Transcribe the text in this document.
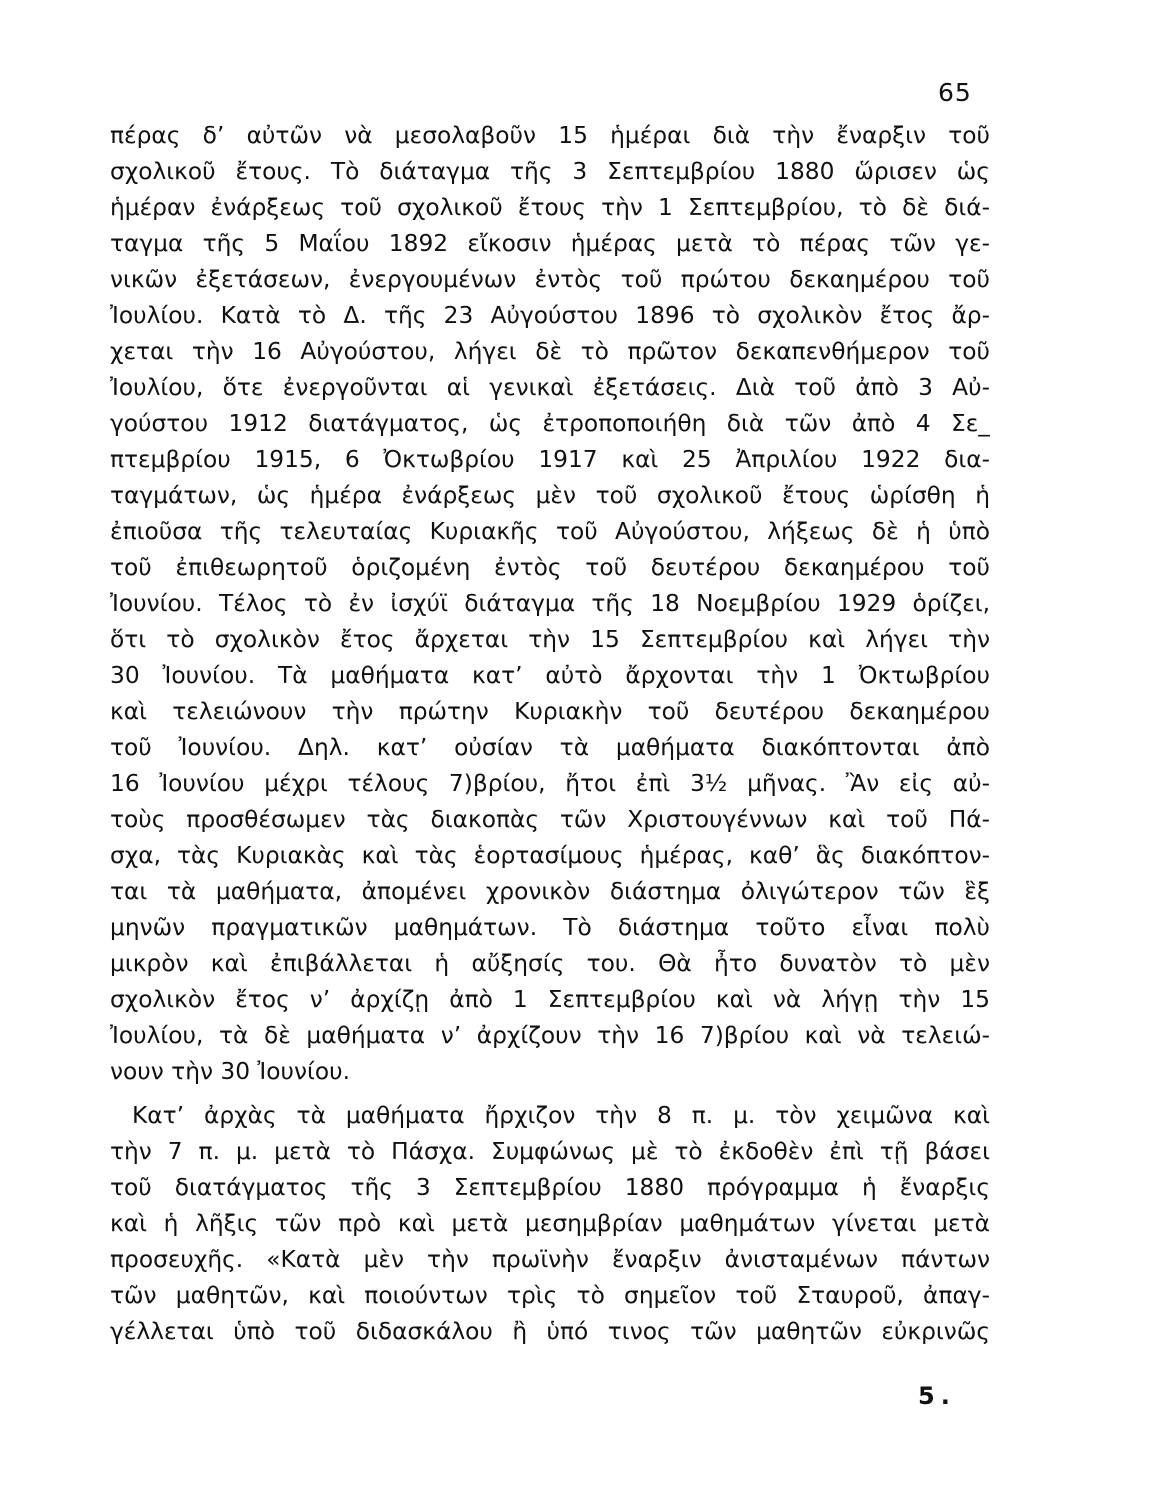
65
πέρας δ’ αὐτῶν νὰ μεσολαβοῦν 15 ἡμέραι διὰ τὴν ἔναρξιν τοῦ
σχολικοῦ ἔτους. Τὸ διάταγμα τῆς 3 Σεπτεμβρίου 1880 ὥρισεν ὡς
ἡμέραν ἐνάρξεως τοῦ σχολικοῦ ἔτους τὴν 1 Σεπτεμβρίου, τὸ δὲ διά-
ταγμα τῆς 5 Μαΐου 1892 εἴκοσιν ἡμέρας μετὰ τὸ πέρας τῶν γε-
νικῶν ἐξετάσεων, ἐνεργουμένων ἐντὸς τοῦ πρώτου δεκαημέρου τοῦ
Ἰουλίου. Κατὰ τὸ Δ. τῆς 23 Αὐγούστου 1896 τὸ σχολικὸν ἔτος ἄρ-
χεται τὴν 16 Αὐγούστου, λήγει δὲ τὸ πρῶτον δεκαπενθήμερον τοῦ
Ἰουλίου, ὅτε ἐνεργοῦνται αἱ γενικαὶ ἐξετάσεις. Διὰ τοῦ ἀπὸ 3 Αὐ-
γούστου 1912 διατάγματος, ὡς ἐτροποποιήθη διὰ τῶν ἀπὸ 4 Σε_
πτεμβρίου 1915, 6 Ὀκτωβρίου 1917 καὶ 25 Ἀπριλίου 1922 δια-
ταγμάτων, ὡς ἡμέρα ἐνάρξεως μὲν τοῦ σχολικοῦ ἔτους ὡρίσθη ἡ
ἐπιοῦσα τῆς τελευταίας Κυριακῆς τοῦ Αὐγούστου, λήξεως δὲ ἡ ὑπὸ
τοῦ ἐπιθεωρητοῦ ὁριζομένη ἐντὸς τοῦ δευτέρου δεκαημέρου τοῦ
Ἰουνίου. Τέλος τὸ ἐν ἰσχύϊ διάταγμα τῆς 18 Νοεμβρίου 1929 ὁρίζει,
ὅτι τὸ σχολικὸν ἔτος ἄρχεται τὴν 15 Σεπτεμβρίου καὶ λήγει τὴν
30 Ἰουνίου. Τὰ μαθήματα κατ’ αὐτὸ ἄρχονται τὴν 1 Ὀκτωβρίου
καὶ τελειώνουν τὴν πρώτην Κυριακὴν τοῦ δευτέρου δεκαημέρου
τοῦ Ἰουνίου. Δηλ. κατ’ οὐσίαν τὰ μαθήματα διακόπτονται ἀπὸ
16 Ἰουνίου μέχρι τέλους 7)βρίου, ἤτοι ἐπὶ 3½ μῆνας. Ἂν εἰς αὐ-
τοὺς προσθέσωμεν τὰς διακοπὰς τῶν Χριστουγέννων καὶ τοῦ Πά-
σχα, τὰς Κυριακὰς καὶ τὰς ἑορτασίμους ἡμέρας, καθ’ ἃς διακόπτον-
ται τὰ μαθήματα, ἀπομένει χρονικὸν διάστημα ὀλιγώτερον τῶν ἓξ
μηνῶν πραγματικῶν μαθημάτων. Τὸ διάστημα τοῦτο εἶναι πολὺ
μικρὸν καὶ ἐπιβάλλεται ἡ αὔξησίς του. Θὰ ἦτο δυνατὸν τὸ μὲν
σχολικὸν ἔτος ν’ ἀρχίζῃ ἀπὸ 1 Σεπτεμβρίου καὶ νὰ λήγῃ τὴν 15
Ἰουλίου, τὰ δὲ μαθήματα ν’ ἀρχίζουν τὴν 16 7)βρίου καὶ νὰ τελειώ-
νουν τὴν 30 Ἰουνίου.
Κατ’ ἀρχὰς τὰ μαθήματα ἤρχιζον τὴν 8 π. μ. τὸν χειμῶνα καὶ
τὴν 7 π. μ. μετὰ τὸ Πάσχα. Συμφώνως μὲ τὸ ἐκδοθὲν ἐπὶ τῇ βάσει
τοῦ διατάγματος τῆς 3 Σεπτεμβρίου 1880 πρόγραμμα ἡ ἔναρξις
καὶ ἡ λῆξις τῶν πρὸ καὶ μετὰ μεσημβρίαν μαθημάτων γίνεται μετὰ
προσευχῆς. «Κατὰ μὲν τὴν πρωϊνὴν ἔναρξιν ἀνισταμένων πάντων
τῶν μαθητῶν, καὶ ποιούντων τρὶς τὸ σημεῖον τοῦ Σταυροῦ, ἀπαγ-
γέλλεται ὑπὸ τοῦ διδασκάλου ἢ ὑπό τινος τῶν μαθητῶν εὐκρινῶς
5.
